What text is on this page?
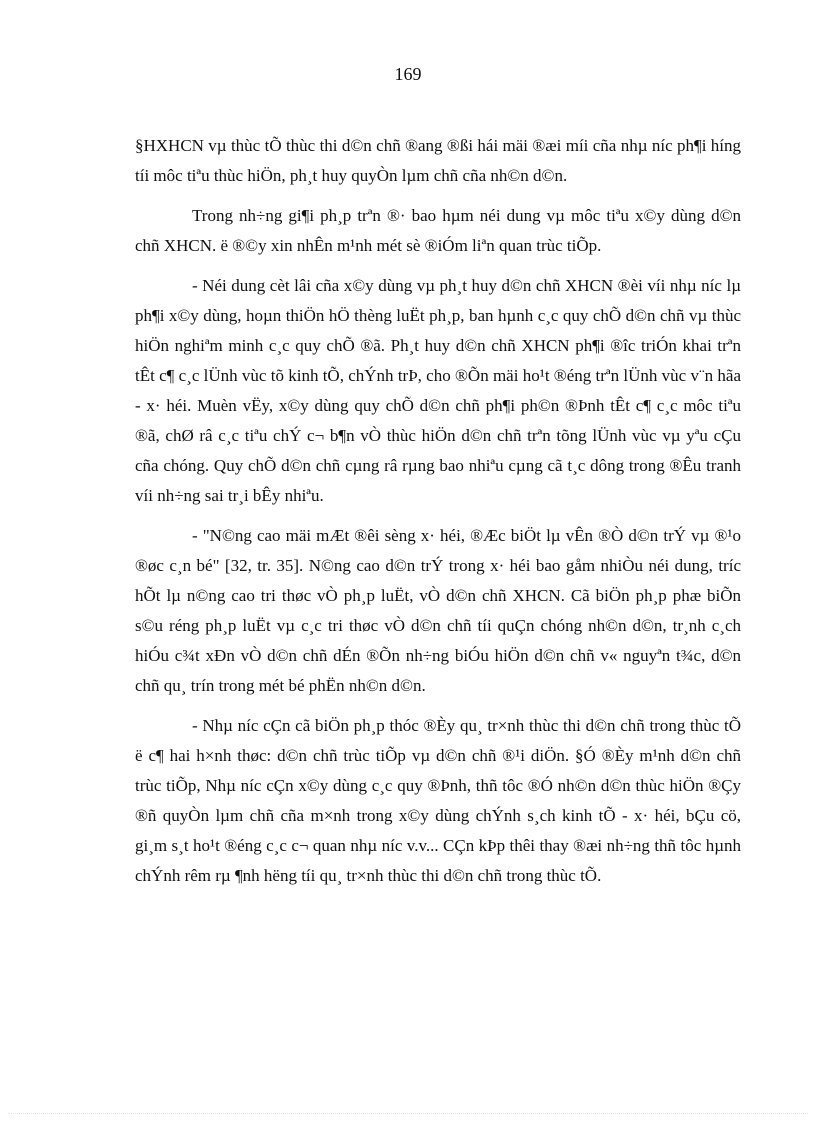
169

§HXHCN vµ thùc tÕ thùc thi d©n chñ ®ang ®ßi hái mäi ®æi míi cña nhµ níc ph¶i híng tíi môc tiªu thùc hiÖn, ph¸t huy quyÒn lµm chñ cña nh©n d©n.

Trong nh÷ng gi¶i ph¸p trªn ®· bao hµm néi dung vµ môc tiªu x©y dùng d©n chñ XHCN. ë ®©y xin nhÊn m¹nh mét sè ®iÓm liªn quan trùc tiÕp.

- Néi dung cèt lâi cña x©y dùng vµ ph¸t huy d©n chñ XHCN ®èi víi nhµ níc lµ ph¶i x©y dùng, hoµn thiÖn hÖ thèng luËt ph¸p, ban hµnh c¸c quy chÕ d©n chñ vµ thùc hiÖn nghiªm minh c¸c quy chÕ ®ã. Ph¸t huy d©n chñ XHCN ph¶i ®îc triÓn khai trªn tÊt c¶ c¸c lÜnh vùc tõ kinh tÕ, chÝnh trÞ, cho ®Õn mäi ho¹t ®éng trªn lÜnh vùc v¨n hãa - x· héi. Muèn vËy, x©y dùng quy chÕ d©n chñ ph¶i ph©n ®Þnh tÊt c¶ c¸c môc tiªu ®ã, chØ râ c¸c tiªu chÝ c¬ b¶n vÒ thùc hiÖn d©n chñ trªn tõng lÜnh vùc vµ yªu cÇu cña chóng. Quy chÕ d©n chñ cµng râ rµng bao nhiªu cµng cã t¸c dông trong ®Êu tranh víi nh÷ng sai tr¸i bÊy nhiªu.

- "N©ng cao mäi mÆt ®êi sèng x· héi, ®Æc biÖt lµ vÊn ®Ò d©n trÝ vµ ®¹o ®øc c¸n bé" [32, tr. 35]. N©ng cao d©n trÝ trong x· héi bao gåm nhiÒu néi dung, tríc hÕt lµ n©ng cao tri thøc vÒ ph¸p luËt, vÒ d©n chñ XHCN. Cã biÖn ph¸p phæ biÕn s©u réng ph¸p luËt vµ c¸c tri thøc vÒ d©n chñ tíi quÇn chóng nh©n d©n, tr¸nh c¸ch hiÓu c¾t xÐn vÒ d©n chñ dÉn ®Õn nh÷ng biÓu hiÖn d©n chñ v« nguyªn t¾c, d©n chñ qu¸ trín trong mét bé phËn nh©n d©n.

- Nhµ níc cÇn cã biÖn ph¸p thóc ®Èy qu¸ tr×nh thùc thi d©n chñ trong thùc tÕ ë c¶ hai h×nh thøc: d©n chñ trùc tiÕp vµ d©n chñ ®¹i diÖn. §Ó ®Èy m¹nh d©n chñ trùc tiÕp, Nhµ níc cÇn x©y dùng c¸c quy ®Þnh, thñ tôc ®Ó nh©n d©n thùc hiÖn ®Çy ®ñ quyÒn lµm chñ cña m×nh trong x©y dùng chÝnh s¸ch kinh tÕ - x· héi, bÇu cö, gi¸m s¸t ho¹t ®éng c¸c c¬ quan nhµ níc v.v... CÇn kÞp thêi thay ®æi nh÷ng thñ tôc hµnh chÝnh rêm rµ ¶nh hëng tíi qu¸ tr×nh thùc thi d©n chñ trong thùc tÕ.
